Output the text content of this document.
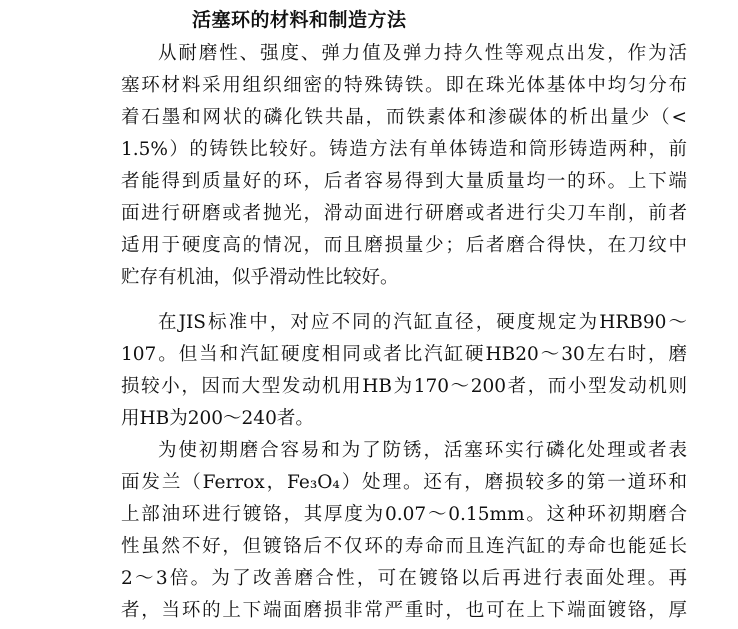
活塞环的材料和制造方法
从耐磨性、强度、弹力值及弹力持久性等观点出发，作为活
塞环材料采用组织细密的特殊铸铁。即在珠光体基体中均匀分布
着石墨和网状的磷化铁共晶，而铁素体和渗碳体的析出量少（<
1.5%）的铸铁比较好。铸造方法有单体铸造和筒形铸造两种，前
者能得到质量好的环，后者容易得到大量质量均一的环。上下端
面进行研磨或者抛光，滑动面进行研磨或者进行尖刀车削，前者
适用于硬度高的情况，而且磨损量少；后者磨合得快，在刀纹中
贮存有机油，似乎滑动性比较好。
在JIS标准中，对应不同的汽缸直径，硬度规定为HRB90～
107。但当和汽缸硬度相同或者比汽缸硬HB20～30左右时，磨
损较小，因而大型发动机用HB为170～200者，而小型发动机则
用HB为200～240者。
为使初期磨合容易和为了防锈，活塞环实行磷化处理或者表
面发兰（Ferrox，Fe₃O₄）处理。还有，磨损较多的第一道环和
上部油环进行镀铬，其厚度为0.07～0.15mm。这种环初期磨合
性虽然不好，但镀铬后不仅环的寿命而且连汽缸的寿命也能延长
2～3倍。为了改善磨合性，可在镀铬以后再进行表面处理。再
者，当环的上下端面磨损非常严重时，也可在上下端面镀铬，厚
